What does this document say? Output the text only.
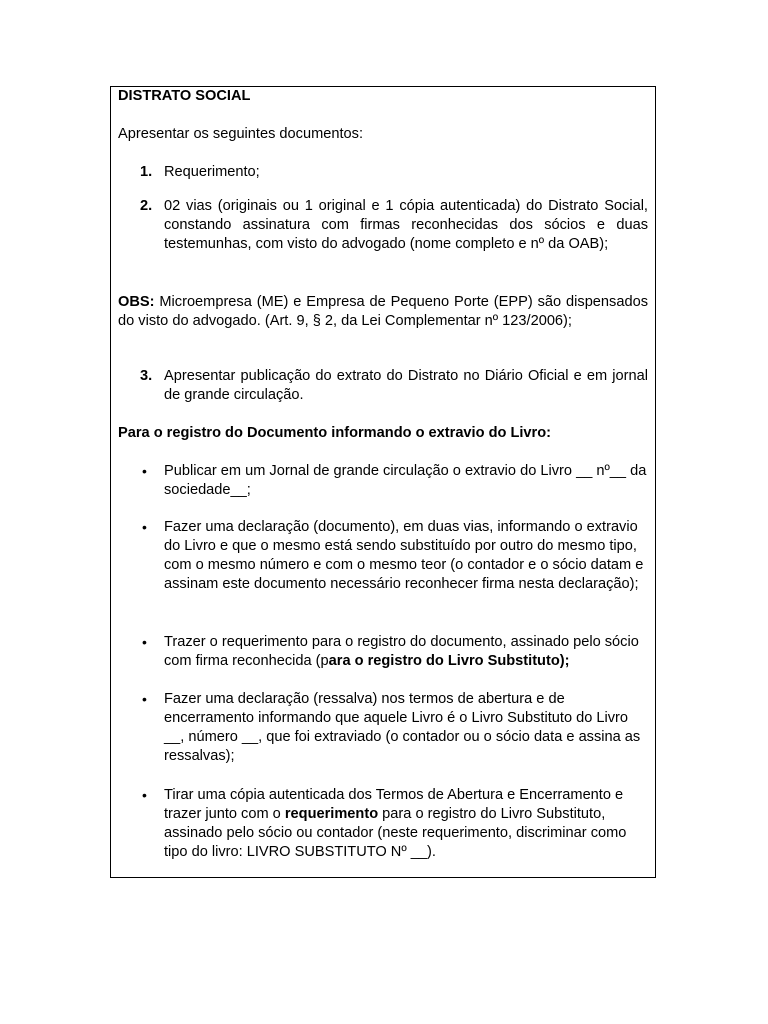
DISTRATO SOCIAL

Apresentar os seguintes documentos:

1. Requerimento;
2. 02 vias (originais ou 1 original e 1 cópia autenticada) do Distrato Social, constando assinatura com firmas reconhecidas dos sócios e duas testemunhas, com visto do advogado (nome completo e nº da OAB);

OBS: Microempresa (ME) e Empresa de Pequeno Porte (EPP) são dispensados do visto do advogado. (Art. 9, § 2, da Lei Complementar nº 123/2006);

3. Apresentar publicação do extrato do Distrato no Diário Oficial e em jornal de grande circulação.

Para o registro do Documento informando o extravio do Livro:

• Publicar em um Jornal de grande circulação o extravio do Livro __ nº__ da sociedade__;
• Fazer uma declaração (documento), em duas vias, informando o extravio do Livro e que o mesmo está sendo substituído por outro do mesmo tipo, com o mesmo número e com o mesmo teor (o contador e o sócio datam e assinam este documento necessário reconhecer firma nesta declaração);
• Trazer o requerimento para o registro do documento, assinado pelo sócio com firma reconhecida (para o registro do Livro Substituto);
• Fazer uma declaração (ressalva) nos termos de abertura e de encerramento informando que aquele Livro é o Livro Substituto do Livro __, número __, que foi extraviado (o contador ou o sócio data e assina as ressalvas);
• Tirar uma cópia autenticada dos Termos de Abertura e Encerramento e trazer junto com o requerimento para o registro do Livro Substituto, assinado pelo sócio ou contador (neste requerimento, discriminar como tipo do livro: LIVRO SUBSTITUTO Nº __).
